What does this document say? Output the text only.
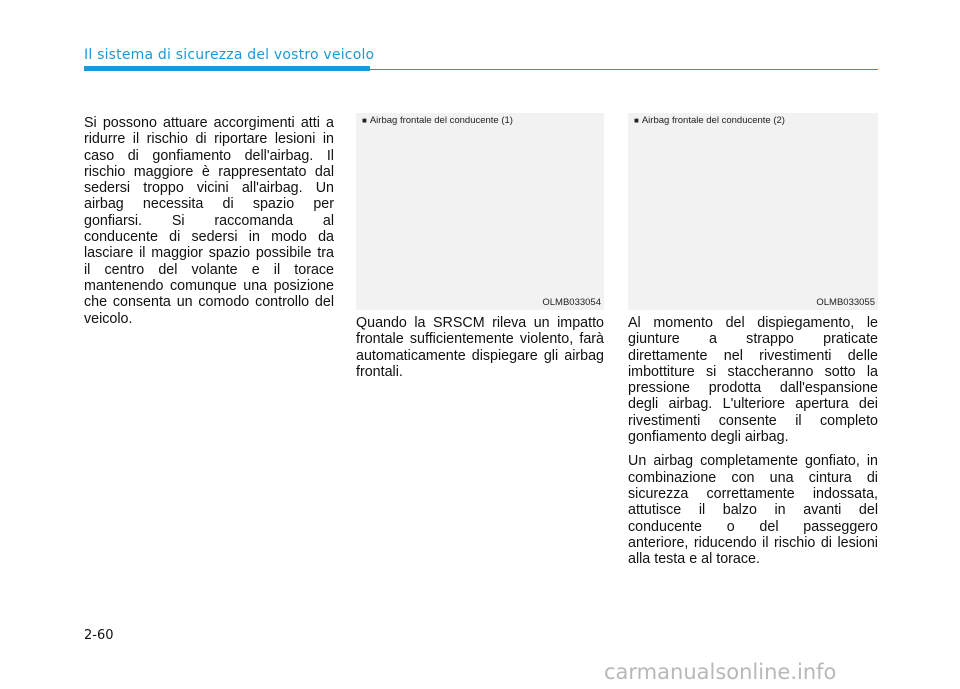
Il sistema di sicurezza del vostro veicolo

Si possono attuare accorgimenti atti a ridurre il rischio di riportare lesioni in caso di gonfiamento dell'airbag. Il rischio maggiore è rappresentato dal sedersi troppo vicini all'airbag. Un airbag necessita di spazio per gonfiarsi. Si raccomanda al conducente di sedersi in modo da lasciare il maggior spazio possibile tra il centro del volante e il torace mantenendo comunque una posizione che consenta un comodo controllo del veicolo.

■ Airbag frontale del conducente (1)
OLMB033054
■ Airbag frontale del conducente (2)
OLMB033055

Quando la SRSCM rileva un impatto frontale sufficientemente violento, farà automaticamente dispiegare gli airbag frontali.

Al momento del dispiegamento, le giunture a strappo praticate direttamente nel rivestimenti delle imbottiture si staccheranno sotto la pressione prodotta dall'espansione degli airbag. L'ulteriore apertura dei rivestimenti consente il completo gonfiamento degli airbag.

Un airbag completamente gonfiato, in combinazione con una cintura di sicurezza correttamente indossata, attutisce il balzo in avanti del conducente o del passeggero anteriore, riducendo il rischio di lesioni alla testa e al torace.

2-60
carmanualsonline.info
